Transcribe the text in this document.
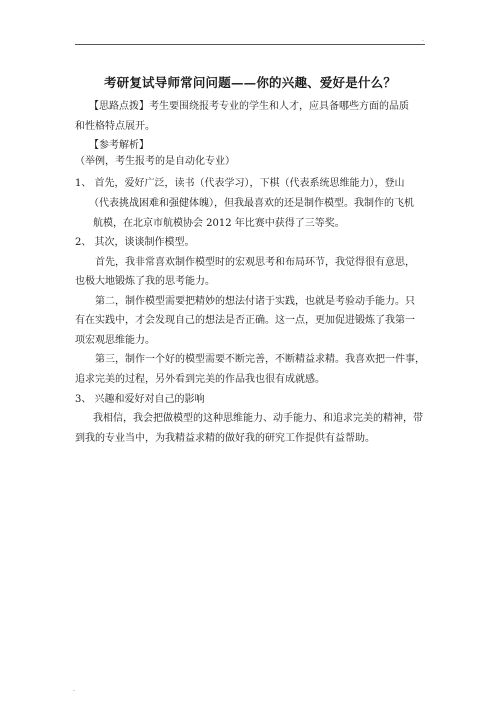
.
考研复试导师常问问题——你的兴趣、爱好是什么？

【思路点拨】考生要围绕报考专业的学生和人才，应具备哪些方面的品质

和性格特点展开。

【参考解析】

（举例，考生报考的是自动化专业）

1、 首先，爱好广泛，读书（代表学习），下棋（代表系统思维能力），登山

（代表挑战困难和强健体魄），但我最喜欢的还是制作模型。我制作的飞机

航模，在北京市航模协会 2012 年比赛中获得了三等奖。

2、 其次，谈谈制作模型。

首先，我非常喜欢制作模型时的宏观思考和布局环节，我觉得很有意思，

也极大地锻炼了我的思考能力。

第二，制作模型需要把精妙的想法付诸于实践，也就是考验动手能力。只

有在实践中，才会发现自己的想法是否正确。这一点，更加促进锻炼了我第一

项宏观思维能力。

第三，制作一个好的模型需要不断完善，不断精益求精。我喜欢把一件事，

追求完美的过程，另外看到完美的作品我也很有成就感。

3、 兴趣和爱好对自己的影响

我相信，我会把做模型的这种思维能力、动手能力、和追求完美的精神，带

到我的专业当中，为我精益求精的做好我的研究工作提供有益帮助。

.
